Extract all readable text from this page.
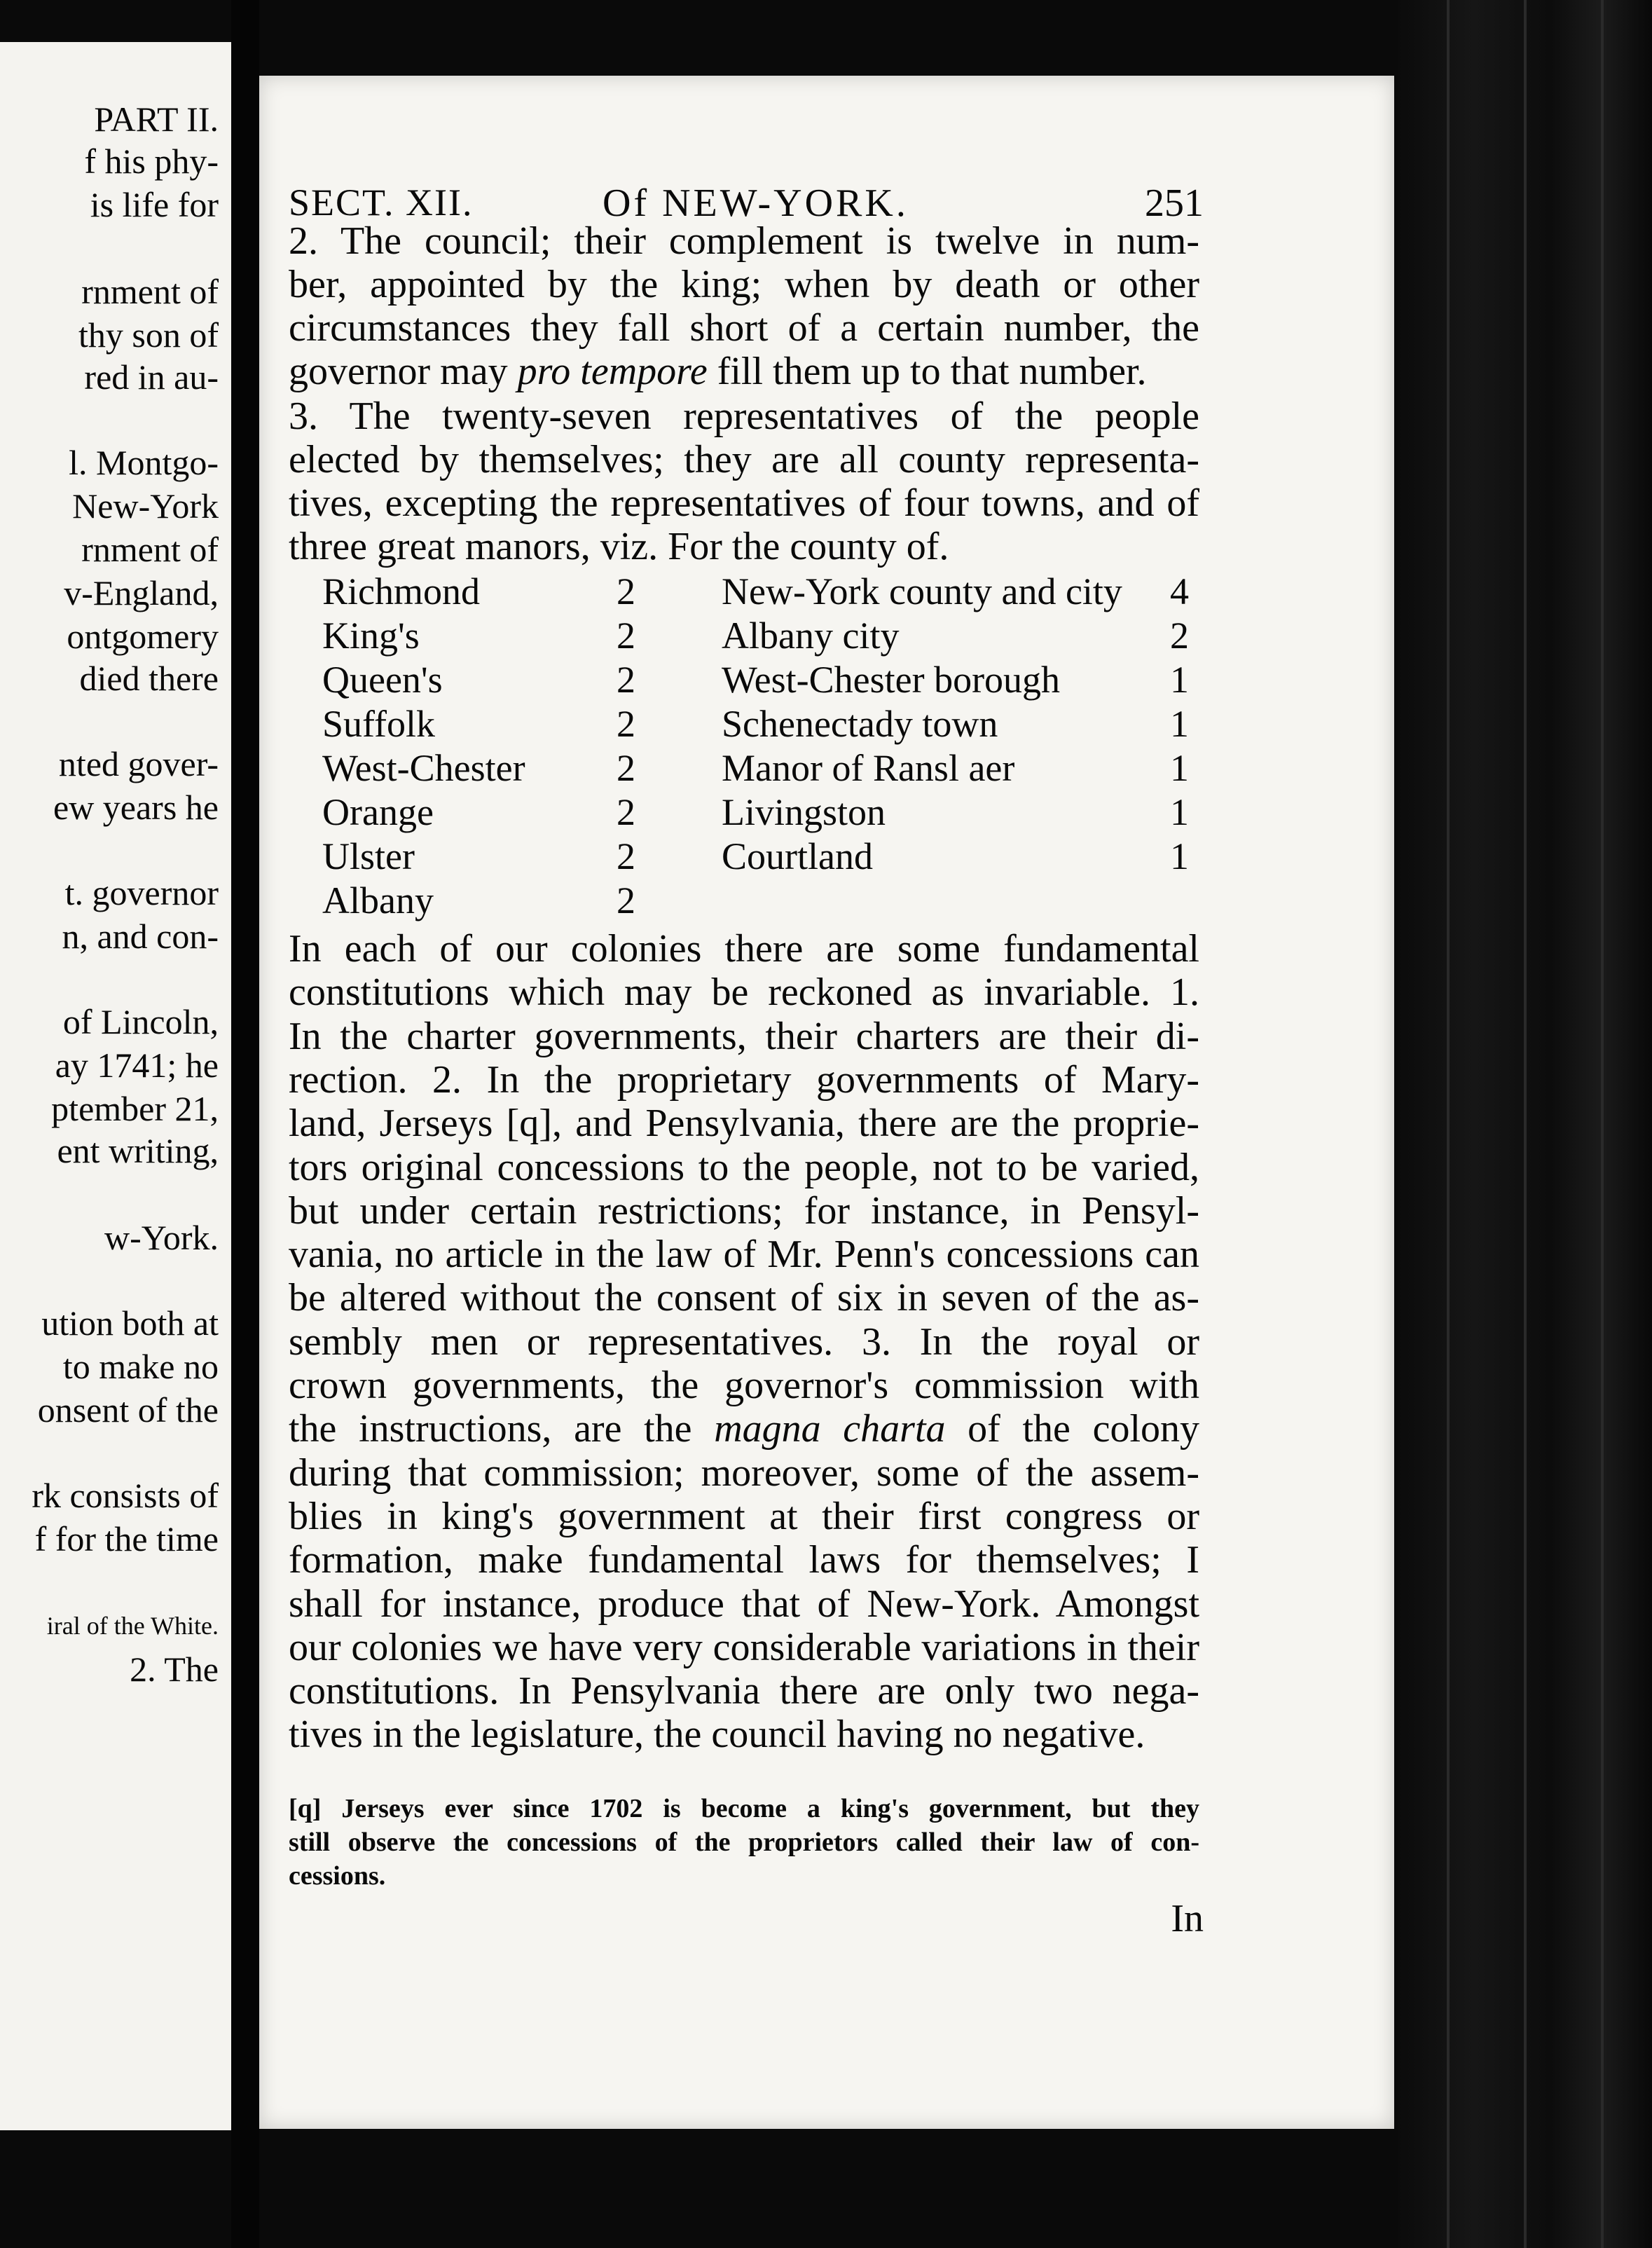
PART II.
f his phy-
is life for
rnment of
thy son of
red in au-
l. Montgo-
New-York
rnment of
v-England,
ontgomery
died there
nted gover-
ew years he
t. governor
n, and con-
of Lincoln,
ay 1741; he
ptember 21,
ent writing,
w-York.
ution both at
to make no
onsent of the
rk consists of
f for the time
iral of the White.
2. The
SECT. XII.	Of NEW-YORK.	251
2. The council; their complement is twelve in num-
ber, appointed by the king; when by death or other
circumstances they fall short of a certain number, the
governor may pro tempore fill them up to that number.
3. The twenty-seven representatives of the people
elected by themselves; they are all county representa-
tives, excepting the representatives of four towns, and of
three great manors, viz. For the county of.
Richmond	2
King's	2
Queen's	2
Suffolk	2
West-Chester 2
Orange	2
Ulster	2
Albany	2
New-York county and city 4
Albany city	2
West-Chester borough	1
Schenectady town	1
Manor of Ransl aer	1
Livingston	1
Courtland	1
In each of our colonies there are some fundamental
constitutions which may be reckoned as invariable. 1.
In the charter governments, their charters are their di-
rection. 2. In the proprietary governments of Mary-
land, Jerseys [q], and Pensylvania, there are the proprie-
tors original concessions to the people, not to be varied,
but under certain restrictions; for instance, in Pensyl-
vania, no article in the law of Mr. Penn's concessions can
be altered without the consent of six in seven of the as-
sembly men or representatives. 3. In the royal or
crown governments, the governor's commission with
the instructions, are the magna charta of the colony
during that commission; moreover, some of the assem-
blies in king's government at their first congress or
formation, make fundamental laws for themselves; I
shall for instance, produce that of New-York. Amongst
our colonies we have very considerable variations in their
constitutions. In Pensylvania there are only two nega-
tives in the legislature, the council having no negative.
[q] Jerseys ever since 1702 is become a king's government, but they
still observe the concessions of the proprietors called their law of con-
cessions.
In
